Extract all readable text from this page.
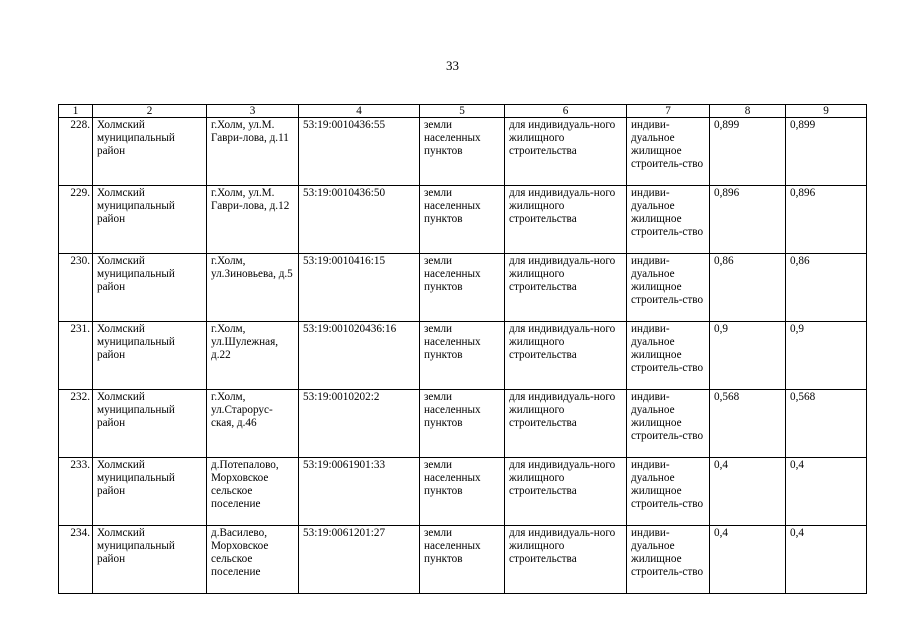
33
1	2	3	4	5	6	7	8	9
228.	Холмский муниципальный район	г.Холм, ул.М. Гаври-лова, д.11	53:19:0010436:55	земли населенных пунктов	для индивидуаль-ного жилищного строительства	индиви-дуальное жилищное строитель-ство	0,899	0,899
229.	Холмский муниципальный район	г.Холм, ул.М. Гаври-лова, д.12	53:19:0010436:50	земли населенных пунктов	для индивидуаль-ного жилищного строительства	индиви-дуальное жилищное строитель-ство	0,896	0,896
230.	Холмский муниципальный район	г.Холм, ул.Зиновьева, д.5	53:19:0010416:15	земли населенных пунктов	для индивидуаль-ного жилищного строительства	индиви-дуальное жилищное строитель-ство	0,86	0,86
231.	Холмский муниципальный район	г.Холм, ул.Шулежная, д.22	53:19:001020436:16	земли населенных пунктов	для индивидуаль-ного жилищного строительства	индиви-дуальное жилищное строитель-ство	0,9	0,9
232.	Холмский муниципальный район	г.Холм, ул.Старорус-ская, д.46	53:19:0010202:2	земли населенных пунктов	для индивидуаль-ного жилищного строительства	индиви-дуальное жилищное строитель-ство	0,568	0,568
233.	Холмский муниципальный район	д.Потепалово, Морховское сельское поселение	53:19:0061901:33	земли населенных пунктов	для индивидуаль-ного жилищного строительства	индиви-дуальное жилищное строитель-ство	0,4	0,4
234.	Холмский муниципальный район	д.Василево, Морховское сельское поселение	53:19:0061201:27	земли населенных пунктов	для индивидуаль-ного жилищного строительства	индиви-дуальное жилищное строитель-ство	0,4	0,4
